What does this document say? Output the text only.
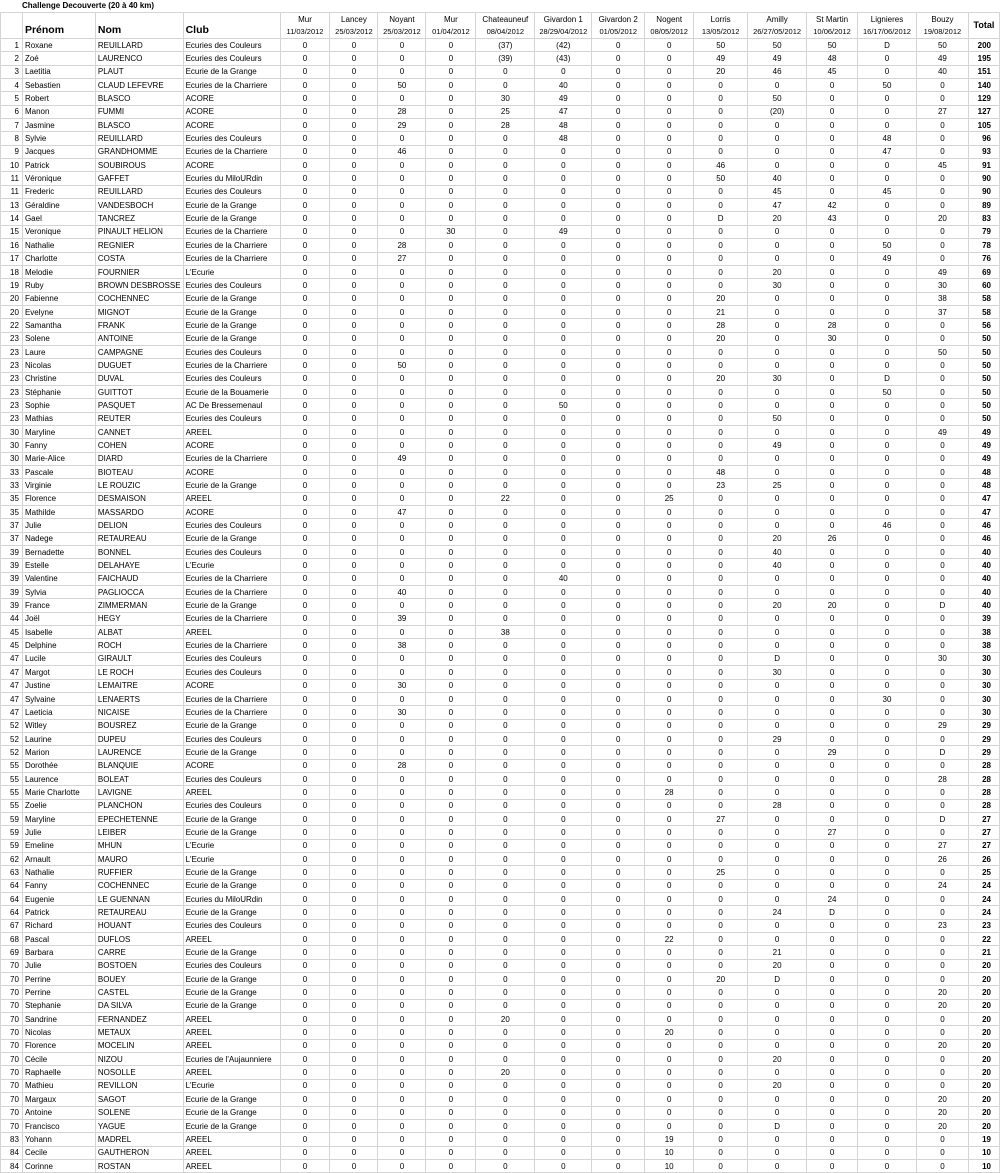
Challenge Decouverte (20 à 40 km)
	Prénom	Nom	Club	Mur	Lancey	Noyant	Mur	Chateauneuf	Givardon 1	Givardon 2	Nogent	Lorris	Amilly	St Martin	Lignieres	Bouzy	Total
				11/03/2012	25/03/2012	25/03/2012	01/04/2012	08/04/2012	28/29/04/2012	01/05/2012	08/05/2012	13/05/2012	26/27/05/2012	10/06/2012	16/17/06/2012	19/08/2012	
1	Roxane	REUILLARD	Ecuries des Couleurs	0	0	0	0	(37)	(42)	0	0	50	50	50	D	50	200
2	Zoé	LAURENCO	Ecuries des Couleurs	0	0	0	0	(39)	(43)	0	0	49	49	48	0	49	195
3	Laetitia	PLAUT	Ecurie de la Grange	0	0	0	0	0	0	0	0	20	46	45	0	40	151
4	Sebastien	CLAUD LEFEVRE	Ecuries de la Charriere	0	0	50	0	0	40	0	0	0	0	0	50	0	140
5	Robert	BLASCO	ACORE	0	0	0	0	30	49	0	0	0	50	0	0	0	129
6	Manon	FUMMI	ACORE	0	0	28	0	25	47	0	0	0	(20)	0	0	27	127
7	Jasmine	BLASCO	ACORE	0	0	29	0	28	48	0	0	0	0	0	0	0	105
8	Sylvie	REUILLARD	Ecuries des Couleurs	0	0	0	0	0	48	0	0	0	0	0	48	0	96
9	Jacques	GRANDHOMME	Ecuries de la Charriere	0	0	46	0	0	0	0	0	0	0	0	47	0	93
10	Patrick	SOUBIROUS	ACORE	0	0	0	0	0	0	0	0	46	0	0	0	45	91
11	Véronique	GAFFET	Ecuries du MiloURdin	0	0	0	0	0	0	0	0	50	40	0	0	0	90
11	Frederic	REUILLARD	Ecuries des Couleurs	0	0	0	0	0	0	0	0	0	45	0	45	0	90
13	Géraldine	VANDESBOCH	Ecurie de la Grange	0	0	0	0	0	0	0	0	0	47	42	0	0	89
14	Gael	TANCREZ	Ecurie de la Grange	0	0	0	0	0	0	0	0	D	20	43	0	20	83
15	Veronique	PINAULT HELION	Ecuries de la Charriere	0	0	0	30	0	49	0	0	0	0	0	0	0	79
16	Nathalie	REGNIER	Ecuries de la Charriere	0	0	28	0	0	0	0	0	0	0	0	50	0	78
17	Charlotte	COSTA	Ecuries de la Charriere	0	0	27	0	0	0	0	0	0	0	0	49	0	76
18	Melodie	FOURNIER	L'Ecurie	0	0	0	0	0	0	0	0	0	20	0	0	49	69
19	Ruby	BROWN DESBROSSE	Ecuries des Couleurs	0	0	0	0	0	0	0	0	0	30	0	0	30	60
20	Fabienne	COCHENNEC	Ecurie de la Grange	0	0	0	0	0	0	0	0	20	0	0	0	38	58
20	Evelyne	MIGNOT	Ecurie de la Grange	0	0	0	0	0	0	0	0	21	0	0	0	37	58
22	Samantha	FRANK	Ecurie de la Grange	0	0	0	0	0	0	0	0	28	0	28	0	0	56
23	Solene	ANTOINE	Ecurie de la Grange	0	0	0	0	0	0	0	0	20	0	30	0	0	50
23	Laure	CAMPAGNE	Ecuries des Couleurs	0	0	0	0	0	0	0	0	0	0	0	0	50	50
23	Nicolas	DUGUET	Ecuries de la Charriere	0	0	50	0	0	0	0	0	0	0	0	0	0	50
23	Christine	DUVAL	Ecuries des Couleurs	0	0	0	0	0	0	0	0	20	30	0	D	0	50
23	Stéphanie	GUITTOT	Ecurie de la Bouamerie	0	0	0	0	0	0	0	0	0	0	0	50	0	50
23	Sophie	PASQUET	AC De Bressemenaul	0	0	0	0	0	50	0	0	0	0	0	0	0	50
23	Mathias	REUTER	Ecuries des Couleurs	0	0	0	0	0	0	0	0	0	50	0	0	0	50
30	Maryline	CANNET	AREEL	0	0	0	0	0	0	0	0	0	0	0	0	49	49
30	Fanny	COHEN	ACORE	0	0	0	0	0	0	0	0	0	49	0	0	0	49
30	Marie-Alice	DIARD	Ecuries de la Charriere	0	0	49	0	0	0	0	0	0	0	0	0	0	49
33	Pascale	BIOTEAU	ACORE	0	0	0	0	0	0	0	0	48	0	0	0	0	48
33	Virginie	LE ROUZIC	Ecurie de la Grange	0	0	0	0	0	0	0	0	23	25	0	0	0	48
35	Florence	DESMAISON	AREEL	0	0	0	0	22	0	0	25	0	0	0	0	0	47
35	Mathilde	MASSARDO	ACORE	0	0	47	0	0	0	0	0	0	0	0	0	0	47
37	Julie	DELION	Ecuries des Couleurs	0	0	0	0	0	0	0	0	0	0	0	46	0	46
37	Nadege	RETAUREAU	Ecurie de la Grange	0	0	0	0	0	0	0	0	0	20	26	0	0	46
39	Bernadette	BONNEL	Ecuries des Couleurs	0	0	0	0	0	0	0	0	0	40	0	0	0	40
39	Estelle	DELAHAYE	L'Ecurie	0	0	0	0	0	0	0	0	0	40	0	0	0	40
39	Valentine	FAICHAUD	Ecuries de la Charriere	0	0	0	0	0	40	0	0	0	0	0	0	0	40
39	Sylvia	PAGLIOCCA	Ecuries de la Charriere	0	0	40	0	0	0	0	0	0	0	0	0	0	40
39	France	ZIMMERMAN	Ecurie de la Grange	0	0	0	0	0	0	0	0	0	20	20	0	D	40
44	Joël	HEGY	Ecuries de la Charriere	0	0	39	0	0	0	0	0	0	0	0	0	0	39
45	Isabelle	ALBAT	AREEL	0	0	0	0	38	0	0	0	0	0	0	0	0	38
45	Delphine	ROCH	Ecuries de la Charriere	0	0	38	0	0	0	0	0	0	0	0	0	0	38
47	Lucile	GIRAULT	Ecuries des Couleurs	0	0	0	0	0	0	0	0	0	D	0	0	30	30
47	Margot	LE ROCH	Ecuries des Couleurs	0	0	0	0	0	0	0	0	0	30	0	0	0	30
47	Justine	LEMAITRE	ACORE	0	0	30	0	0	0	0	0	0	0	0	0	0	30
47	Sylvaine	LENAERTS	Ecuries de la Charriere	0	0	0	0	0	0	0	0	0	0	0	30	0	30
47	Laeticia	NICAISE	Ecuries de la Charriere	0	0	30	0	0	0	0	0	0	0	0	0	0	30
52	Witley	BOUSREZ	Ecurie de la Grange	0	0	0	0	0	0	0	0	0	0	0	0	29	29
52	Laurine	DUPEU	Ecuries des Couleurs	0	0	0	0	0	0	0	0	0	29	0	0	0	29
52	Marion	LAURENCE	Ecurie de la Grange	0	0	0	0	0	0	0	0	0	0	29	0	D	29
55	Dorothée	BLANQUIE	ACORE	0	0	28	0	0	0	0	0	0	0	0	0	0	28
55	Laurence	BOLEAT	Ecuries des Couleurs	0	0	0	0	0	0	0	0	0	0	0	0	28	28
55	Marie Charlotte	LAVIGNE	AREEL	0	0	0	0	0	0	0	28	0	0	0	0	0	28
55	Zoelie	PLANCHON	Ecuries des Couleurs	0	0	0	0	0	0	0	0	0	28	0	0	0	28
59	Maryline	EPECHETENNE	Ecurie de la Grange	0	0	0	0	0	0	0	0	27	0	0	0	D	27
59	Julie	LEIBER	Ecurie de la Grange	0	0	0	0	0	0	0	0	0	0	27	0	0	27
59	Emeline	MHUN	L'Ecurie	0	0	0	0	0	0	0	0	0	0	0	0	27	27
62	Arnault	MAURO	L'Ecurie	0	0	0	0	0	0	0	0	0	0	0	0	26	26
63	Nathalie	RUFFIER	Ecurie de la Grange	0	0	0	0	0	0	0	0	25	0	0	0	0	25
64	Fanny	COCHENNEC	Ecurie de la Grange	0	0	0	0	0	0	0	0	0	0	0	0	24	24
64	Eugenie	LE GUENNAN	Ecuries du MiloURdin	0	0	0	0	0	0	0	0	0	0	24	0	0	24
64	Patrick	RETAUREAU	Ecurie de la Grange	0	0	0	0	0	0	0	0	0	24	D	0	0	24
67	Richard	HOUANT	Ecuries des Couleurs	0	0	0	0	0	0	0	0	0	0	0	0	23	23
68	Pascal	DUFLOS	AREEL	0	0	0	0	0	0	0	22	0	0	0	0	0	22
69	Barbara	CARRE	Ecurie de la Grange	0	0	0	0	0	0	0	0	0	21	0	0	0	21
70	Julie	BOSTOEN	Ecuries des Couleurs	0	0	0	0	0	0	0	0	0	20	0	0	0	20
70	Perrine	BOUEY	Ecurie de la Grange	0	0	0	0	0	0	0	0	20	D	0	0	0	20
70	Perrine	CASTEL	Ecurie de la Grange	0	0	0	0	0	0	0	0	0	0	0	0	20	20
70	Stephanie	DA SILVA	Ecurie de la Grange	0	0	0	0	0	0	0	0	0	0	0	0	20	20
70	Sandrine	FERNANDEZ	AREEL	0	0	0	0	20	0	0	0	0	0	0	0	0	20
70	Nicolas	METAUX	AREEL	0	0	0	0	0	0	0	20	0	0	0	0	0	20
70	Florence	MOCELIN	AREEL	0	0	0	0	0	0	0	0	0	0	0	0	20	20
70	Cécile	NIZOU	Ecuries de l'Aujaunniere	0	0	0	0	0	0	0	0	0	20	0	0	0	20
70	Raphaelle	NOSOLLE	AREEL	0	0	0	0	20	0	0	0	0	0	0	0	0	20
70	Mathieu	REVILLON	L'Ecurie	0	0	0	0	0	0	0	0	0	20	0	0	0	20
70	Margaux	SAGOT	Ecurie de la Grange	0	0	0	0	0	0	0	0	0	0	0	0	20	20
70	Antoine	SOLENE	Ecurie de la Grange	0	0	0	0	0	0	0	0	0	0	0	0	20	20
70	Francisco	YAGUE	Ecurie de la Grange	0	0	0	0	0	0	0	0	0	D	0	0	20	20
83	Yohann	MADREL	AREEL	0	0	0	0	0	0	0	19	0	0	0	0	0	19
84	Cecile	GAUTHERON	AREEL	0	0	0	0	0	0	0	10	0	0	0	0	0	10
84	Corinne	ROSTAN	AREEL	0	0	0	0	0	0	0	10	0	0	0	0	0	10
